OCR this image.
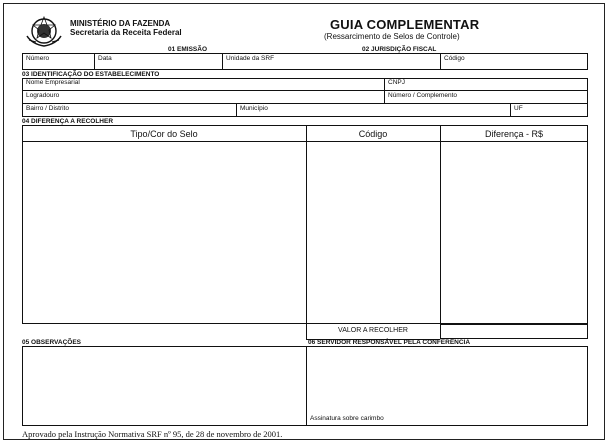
MINISTÉRIO DA FAZENDA
Secretaria da Receita Federal
GUIA COMPLEMENTAR
(Ressarcimento de Selos de Controle)
01 EMISSÃO	02 JURISDIÇÃO FISCAL
Número	Data	Unidade da SRF	Código
03 IDENTIFICAÇÃO DO ESTABELECIMENTO
Nome Empresarial	CNPJ
Logradouro	Número / Complemento
Bairro / Distrito	Município	UF
04 DIFERENÇA A RECOLHER
Tipo/Cor do Selo	Código	Diferença - R$
VALOR A RECOLHER
05 OBSERVAÇÕES	06 SERVIDOR RESPONSÁVEL PELA CONFERÊNCIA
Assinatura sobre carimbo
Aprovado pela Instrução Normativa SRF nº 95, de 28 de novembro de 2001.
